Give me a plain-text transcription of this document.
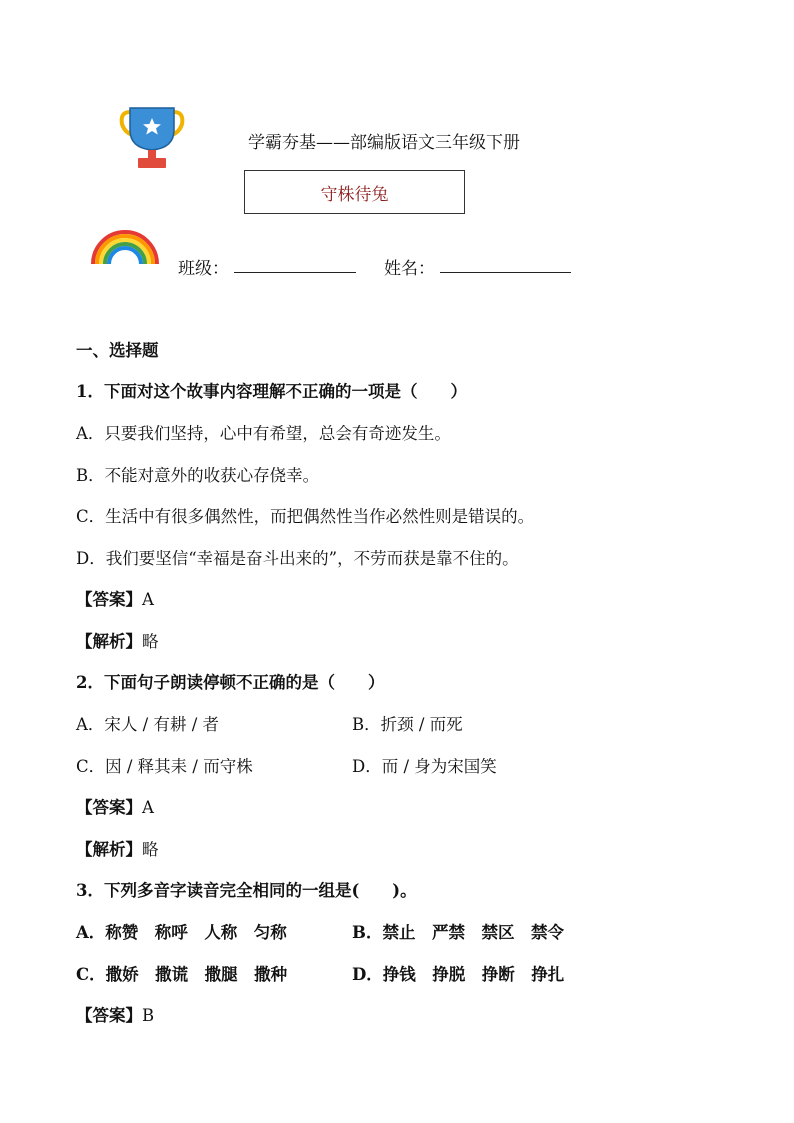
学霸夯基——部编版语文三年级下册
守株待兔
班级：	姓名：
一、选择题
1．下面对这个故事内容理解不正确的一项是（　　）
A．只要我们坚持，心中有希望，总会有奇迹发生。
B．不能对意外的收获心存侥幸。
C．生活中有很多偶然性，而把偶然性当作必然性则是错误的。
D．我们要坚信“幸福是奋斗出来的”，不劳而获是靠不住的。
【答案】A
【解析】略
2．下面句子朗读停顿不正确的是（　　）
A．宋人 / 有耕 / 者	B．折颈 / 而死
C．因 / 释其耒 / 而守株	D．而 / 身为宋国笑
【答案】A
【解析】略
3．下列多音字读音完全相同的一组是(　　)。
A．称赞　称呼　人称　匀称	B．禁止　严禁　禁区　禁令
C．撒娇　撒谎　撒腿　撒种	D．挣钱　挣脱　挣断　挣扎
【答案】B
